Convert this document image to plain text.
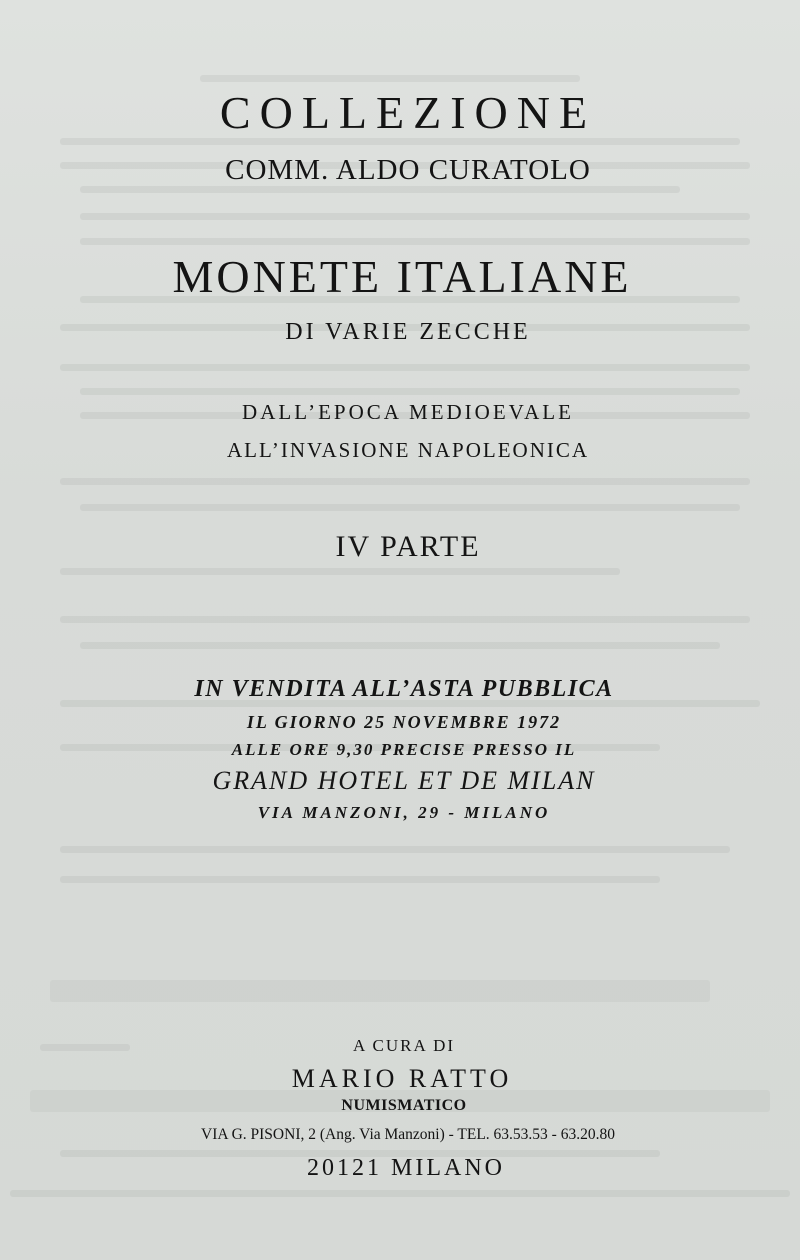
COLLEZIONE
COMM. ALDO CURATOLO
MONETE ITALIANE
DI VARIE ZECCHE
DALL’EPOCA MEDIOEVALE
ALL’INVASIONE NAPOLEONICA
IV PARTE
IN VENDITA ALL’ASTA PUBBLICA
IL GIORNO 25 NOVEMBRE 1972
ALLE ORE 9,30 PRECISE PRESSO IL
GRAND HOTEL ET DE MILAN
VIA MANZONI, 29 - MILANO
A CURA DI
MARIO RATTO
NUMISMATICO
VIA G. PISONI, 2 (Ang. Via Manzoni) - TEL. 63.53.53 - 63.20.80
20121 MILANO
